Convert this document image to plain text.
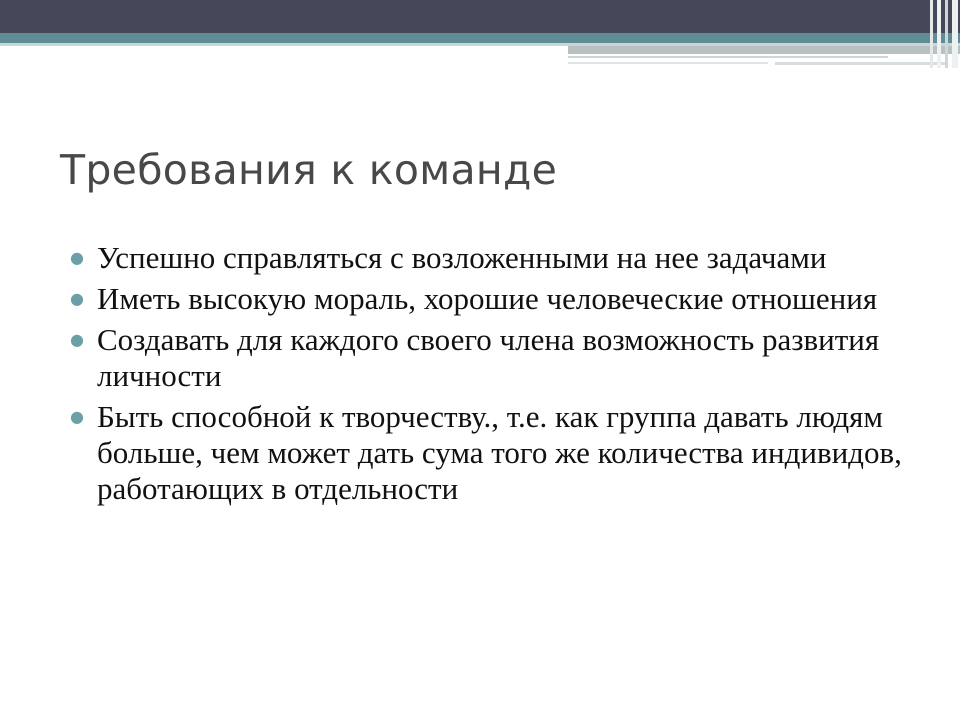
Требования к команде
● Успешно справляться с возложенными на нее задачами
● Иметь высокую мораль, хорошие человеческие отношения
● Создавать для каждого своего члена возможность развития личности
● Быть способной к творчеству., т.е. как группа давать людям больше, чем может дать сума того же количества индивидов, работающих в отдельности
